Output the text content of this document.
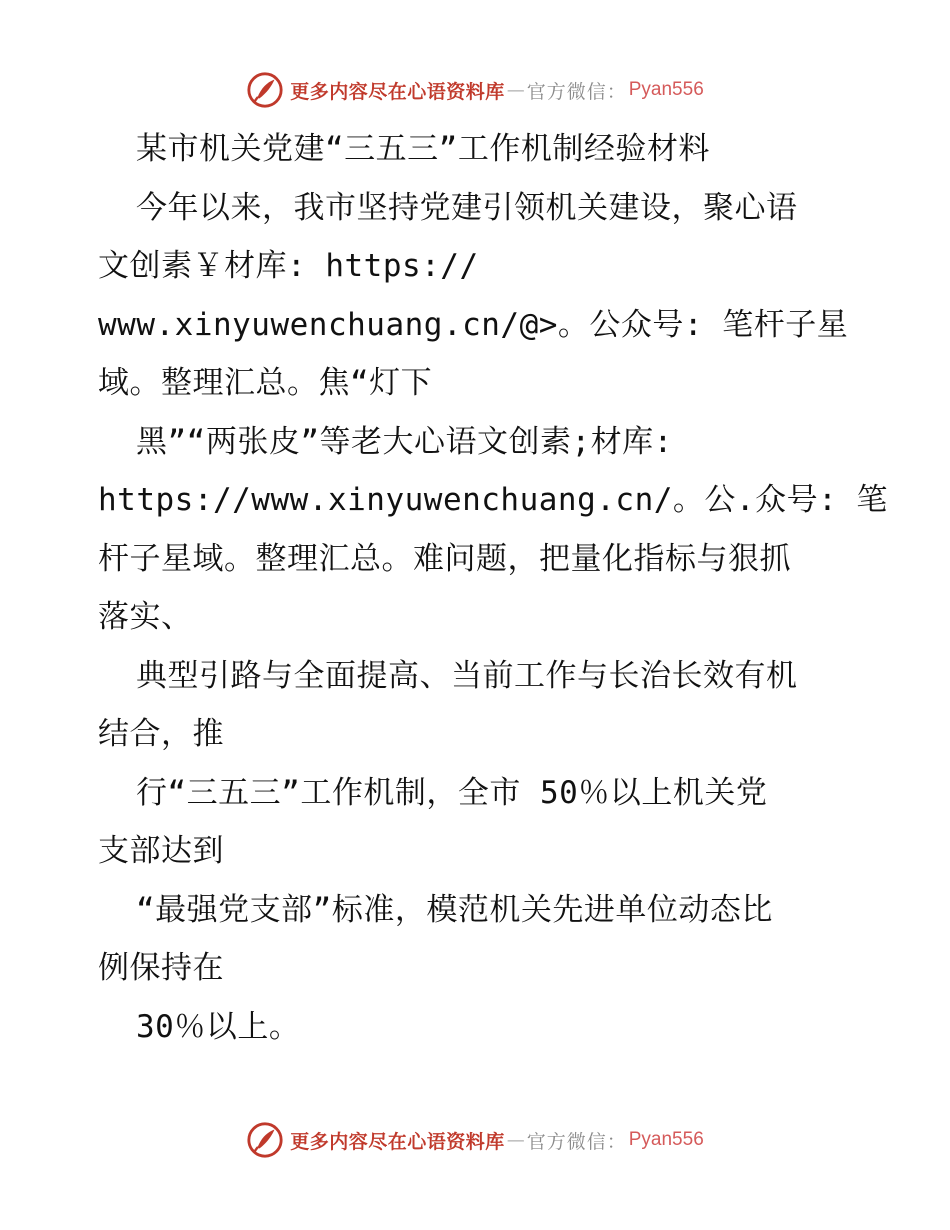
更多内容尽在心语资料库 — 官方微信： Pyan556
某市机关党建“三五三”工作机制经验材料
今年以来，我市坚持党建引领机关建设，聚心语
文创素￥材库: https://
www.xinyuwenchuang.cn/@>。公众号: 笔杆子星
域。整理汇总。焦“灯下
黑”“两张皮”等老大心语文创素;材库:
https://www.xinyuwenchuang.cn/。公.众号: 笔
杆子星域。整理汇总。难问题，把量化指标与狠抓
落实、
典型引路与全面提高、当前工作与长治长效有机
结合，推
行“三五三”工作机制，全市 50％以上机关党
支部达到
“最强党支部”标准，模范机关先进单位动态比
例保持在
30％以上。
更多内容尽在心语资料库 — 官方微信： Pyan556
